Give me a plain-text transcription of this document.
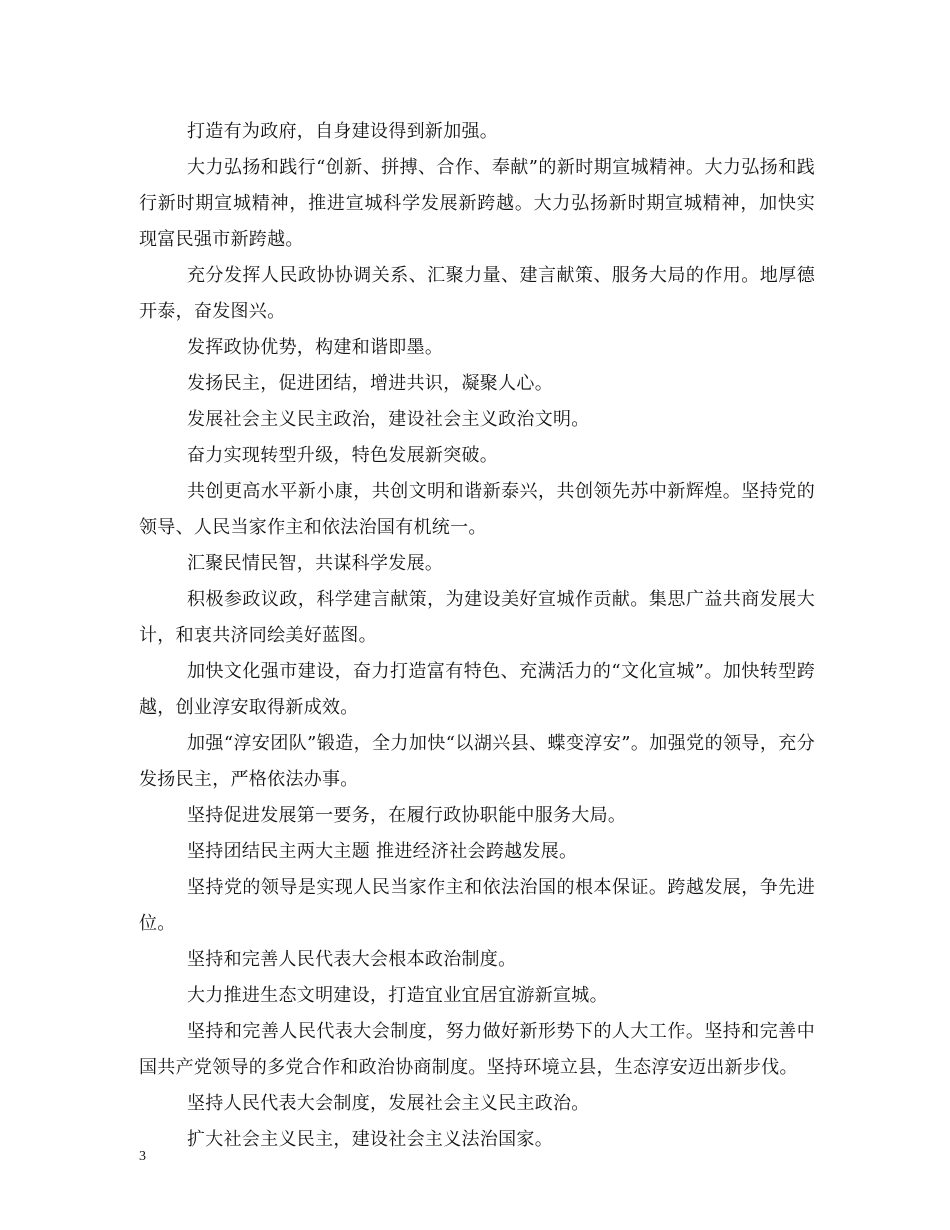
打造有为政府，自身建设得到新加强。

大力弘扬和践行“创新、拼搏、合作、奉献”的新时期宣城精神。大力弘扬和践行新时期宣城精神，推进宣城科学发展新跨越。大力弘扬新时期宣城精神，加快实现富民强市新跨越。

充分发挥人民政协协调关系、汇聚力量、建言献策、服务大局的作用。地厚德开泰，奋发图兴。

发挥政协优势，构建和谐即墨。

发扬民主，促进团结，增进共识，凝聚人心。

发展社会主义民主政治，建设社会主义政治文明。

奋力实现转型升级，特色发展新突破。

共创更高水平新小康，共创文明和谐新泰兴，共创领先苏中新辉煌。坚持党的领导、人民当家作主和依法治国有机统一。

汇聚民情民智，共谋科学发展。

积极参政议政，科学建言献策，为建设美好宣城作贡献。集思广益共商发展大计，和衷共济同绘美好蓝图。

加快文化强市建设，奋力打造富有特色、充满活力的“文化宣城”。加快转型跨越，创业淳安取得新成效。

加强“淳安团队”锻造，全力加快“以湖兴县、蝶变淳安”。加强党的领导，充分发扬民主，严格依法办事。

坚持促进发展第一要务，在履行政协职能中服务大局。

坚持团结民主两大主题 推进经济社会跨越发展。

坚持党的领导是实现人民当家作主和依法治国的根本保证。跨越发展，争先进位。

坚持和完善人民代表大会根本政治制度。

大力推进生态文明建设，打造宜业宜居宜游新宣城。

坚持和完善人民代表大会制度，努力做好新形势下的人大工作。坚持和完善中国共产党领导的多党合作和政治协商制度。坚持环境立县，生态淳安迈出新步伐。

坚持人民代表大会制度，发展社会主义民主政治。

扩大社会主义民主，建设社会主义法治国家。

3
